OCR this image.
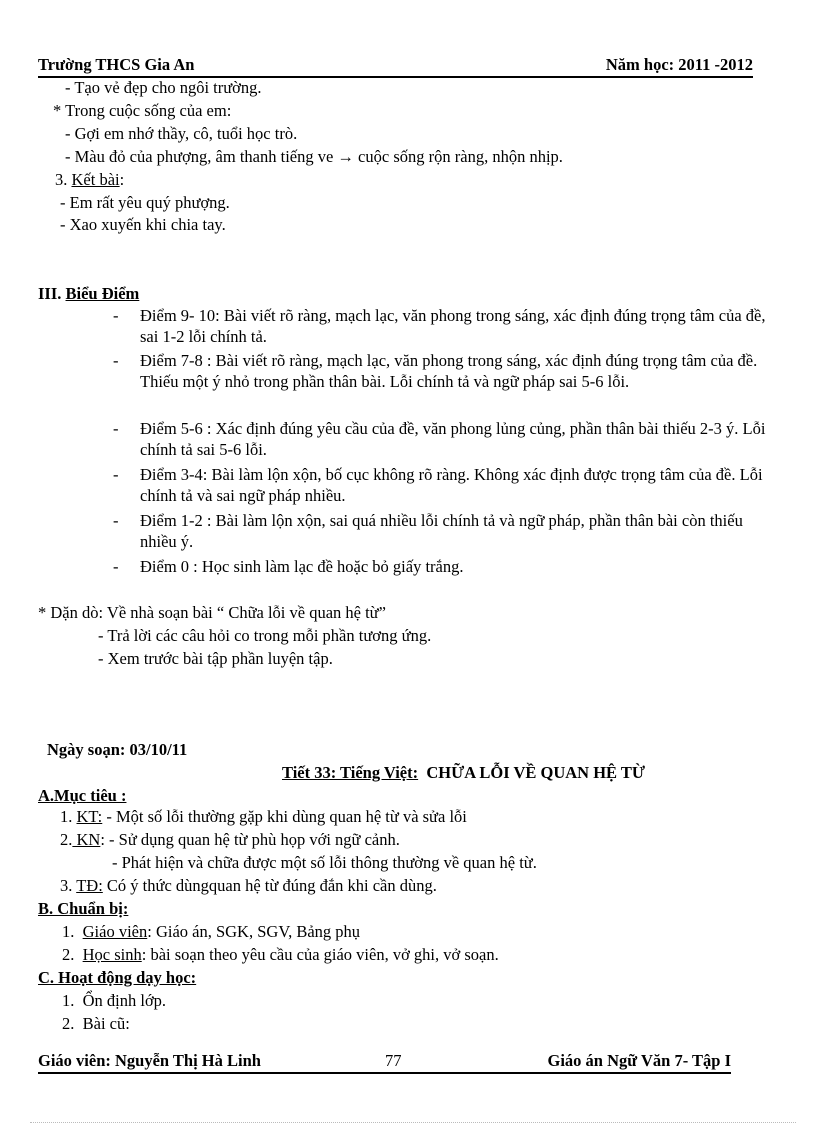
Trường THCS Gia An	Năm học: 2011 -2012
- Tạo vẻ đẹp cho ngôi trường.
* Trong cuộc sống của em:
- Gợi em nhớ thầy, cô, tuổi học trò.
- Màu đỏ của phượng, âm thanh tiếng ve → cuộc sống rộn ràng, nhộn nhịp.
3. Kết bài:
- Em rất yêu quý phượng.
- Xao xuyến khi chia tay.
III. Biểu Điểm
- Điểm 9- 10: Bài viết rõ ràng, mạch lạc, văn phong trong sáng, xác định đúng trọng tâm của đề, sai 1-2 lỗi chính tả.
- Điểm 7-8 : Bài viết rõ ràng, mạch lạc, văn phong trong sáng, xác định đúng trọng tâm của đề. Thiếu một ý nhỏ trong phần thân bài. Lỗi chính tả và ngữ pháp sai 5-6 lỗi.
- Điểm 5-6 : Xác định đúng yêu cầu của đề, văn phong lủng củng, phần thân bài thiếu 2-3 ý. Lỗi chính tả sai 5-6 lỗi.
- Điểm 3-4: Bài làm lộn xộn, bố cục không rõ ràng. Không xác định được trọng tâm của đề. Lỗi chính tả và sai ngữ pháp nhiều.
- Điểm 1-2 : Bài làm lộn xộn, sai quá nhiều lỗi chính tả và ngữ pháp, phần thân bài còn thiếu nhiều ý.
- Điểm 0 : Học sinh làm lạc đề hoặc bỏ giấy trắng.
* Dặn dò: Về nhà soạn bài “ Chữa lỗi về quan hệ từ”
- Trả lời các câu hỏi co trong mỗi phần tương ứng.
- Xem trước bài tập phần luyện tập.
Ngày soạn: 03/10/11
Tiết 33: Tiếng Việt: CHỮA LỖI VỀ QUAN HỆ TỪ
A.Mục tiêu :
1. KT: - Một số lỗi thường gặp khi dùng quan hệ từ và sửa lỗi
2. KN: - Sử dụng quan hệ từ phù họp với ngữ cảnh.
- Phát hiện và chữa được một số lỗi thông thường về quan hệ từ.
3. TĐ: Có ý thức dùngquan hệ từ đúng đắn khi cần dùng.
B. Chuẩn bị:
1. Giáo viên: Giáo án, SGK, SGV, Bảng phụ
2. Học sinh: bài soạn theo yêu cầu của giáo viên, vở ghi, vở soạn.
C. Hoạt động dạy học:
1. Ổn định lớp.
2. Bài cũ:
Giáo viên: Nguyễn Thị Hà Linh	77	Giáo án Ngữ Văn 7- Tập I
